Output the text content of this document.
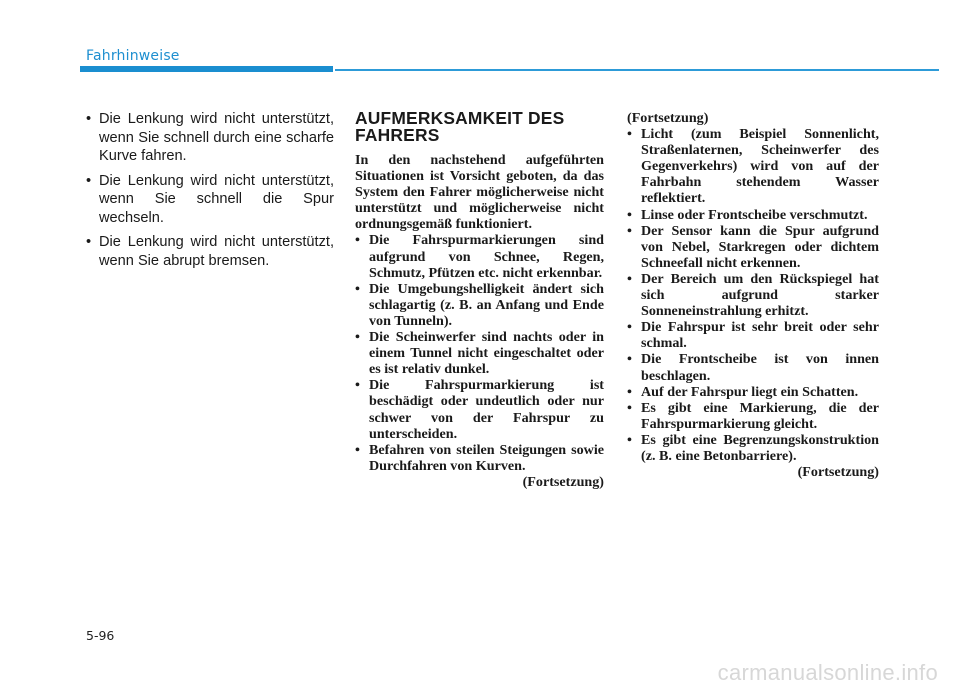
Fahrhinweise
• Die Lenkung wird nicht unterstützt, wenn Sie schnell durch eine scharfe Kurve fahren.
• Die Lenkung wird nicht unterstützt, wenn Sie schnell die Spur wechseln.
• Die Lenkung wird nicht unterstützt, wenn Sie abrupt bremsen.
AUFMERKSAMKEIT DES
FAHRERS
In den nachstehend aufgeführten Situationen ist Vorsicht geboten, da das System den Fahrer möglicherweise nicht unterstützt und möglicherweise nicht ordnungsgemäß funktioniert.
• Die Fahrspurmarkierungen sind aufgrund von Schnee, Regen, Schmutz, Pfützen etc. nicht erkennbar.
• Die Umgebungshelligkeit ändert sich schlagartig (z. B. an Anfang und Ende von Tunneln).
• Die Scheinwerfer sind nachts oder in einem Tunnel nicht eingeschaltet oder es ist relativ dunkel.
• Die Fahrspurmarkierung ist beschädigt oder undeutlich oder nur schwer von der Fahrspur zu unterscheiden.
• Befahren von steilen Steigungen sowie Durchfahren von Kurven.
(Fortsetzung)
(Fortsetzung)
• Licht (zum Beispiel Sonnenlicht, Straßenlaternen, Scheinwerfer des Gegenverkehrs) wird von auf der Fahrbahn stehendem Wasser reflektiert.
• Linse oder Frontscheibe verschmutzt.
• Der Sensor kann die Spur aufgrund von Nebel, Starkregen oder dichtem Schneefall nicht erkennen.
• Der Bereich um den Rückspiegel hat sich aufgrund starker Sonneneinstrahlung erhitzt.
• Die Fahrspur ist sehr breit oder sehr schmal.
• Die Frontscheibe ist von innen beschlagen.
• Auf der Fahrspur liegt ein Schatten.
• Es gibt eine Markierung, die der Fahrspurmarkierung gleicht.
• Es gibt eine Begrenzungskonstruktion (z. B. eine Betonbarriere).
(Fortsetzung)
5-96
carmanualsonline.info
